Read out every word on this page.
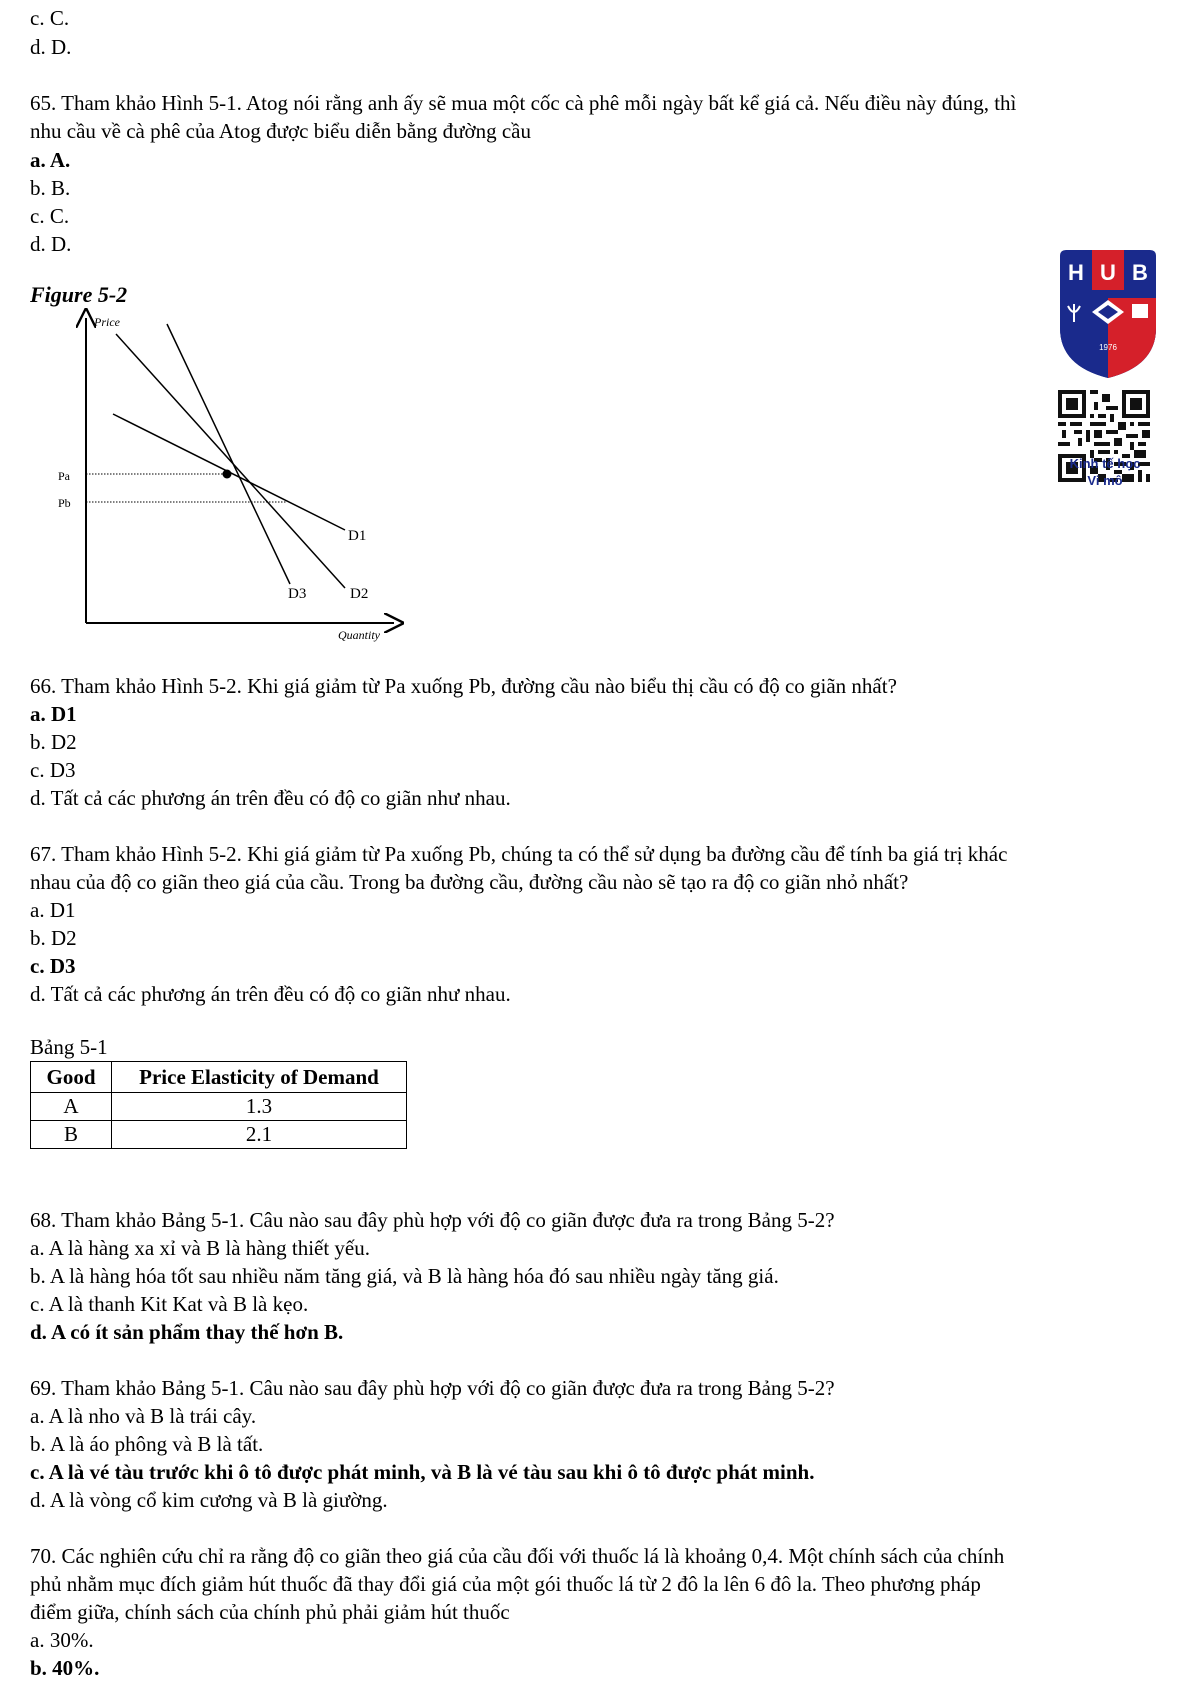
c. C.
d. D.
65. Tham khảo Hình 5-1. Atog nói rằng anh ấy sẽ mua một cốc cà phê mỗi ngày bất kể giá cả. Nếu điều này đúng, thì
nhu cầu về cà phê của Atog được biểu diễn bằng đường cầu
a. A.
b. B.
c. C.
d. D.
Figure 5-2
Price
Quantity
Pa
Pb
D1
D2
D3
H U B
1976
Kinh tế học
Vi mô
66. Tham khảo Hình 5-2. Khi giá giảm từ Pa xuống Pb, đường cầu nào biểu thị cầu có độ co giãn nhất?
a. D1
b. D2
c. D3
d. Tất cả các phương án trên đều có độ co giãn như nhau.
67. Tham khảo Hình 5-2. Khi giá giảm từ Pa xuống Pb, chúng ta có thể sử dụng ba đường cầu để tính ba giá trị khác
nhau của độ co giãn theo giá của cầu. Trong ba đường cầu, đường cầu nào sẽ tạo ra độ co giãn nhỏ nhất?
a. D1
b. D2
c. D3
d. Tất cả các phương án trên đều có độ co giãn như nhau.
Bảng 5-1
Good	Price Elasticity of Demand
A	1.3
B	2.1
68. Tham khảo Bảng 5-1. Câu nào sau đây phù hợp với độ co giãn được đưa ra trong Bảng 5-2?
a. A là hàng xa xỉ và B là hàng thiết yếu.
b. A là hàng hóa tốt sau nhiều năm tăng giá, và B là hàng hóa đó sau nhiều ngày tăng giá.
c. A là thanh Kit Kat và B là kẹo.
d. A có ít sản phẩm thay thế hơn B.
69. Tham khảo Bảng 5-1. Câu nào sau đây phù hợp với độ co giãn được đưa ra trong Bảng 5-2?
a. A là nho và B là trái cây.
b. A là áo phông và B là tất.
c. A là vé tàu trước khi ô tô được phát minh, và B là vé tàu sau khi ô tô được phát minh.
d. A là vòng cổ kim cương và B là giường.
70. Các nghiên cứu chỉ ra rằng độ co giãn theo giá của cầu đối với thuốc lá là khoảng 0,4. Một chính sách của chính
phủ nhằm mục đích giảm hút thuốc đã thay đổi giá của một gói thuốc lá từ 2 đô la lên 6 đô la. Theo phương pháp
điểm giữa, chính sách của chính phủ phải giảm hút thuốc
a. 30%.
b. 40%.
